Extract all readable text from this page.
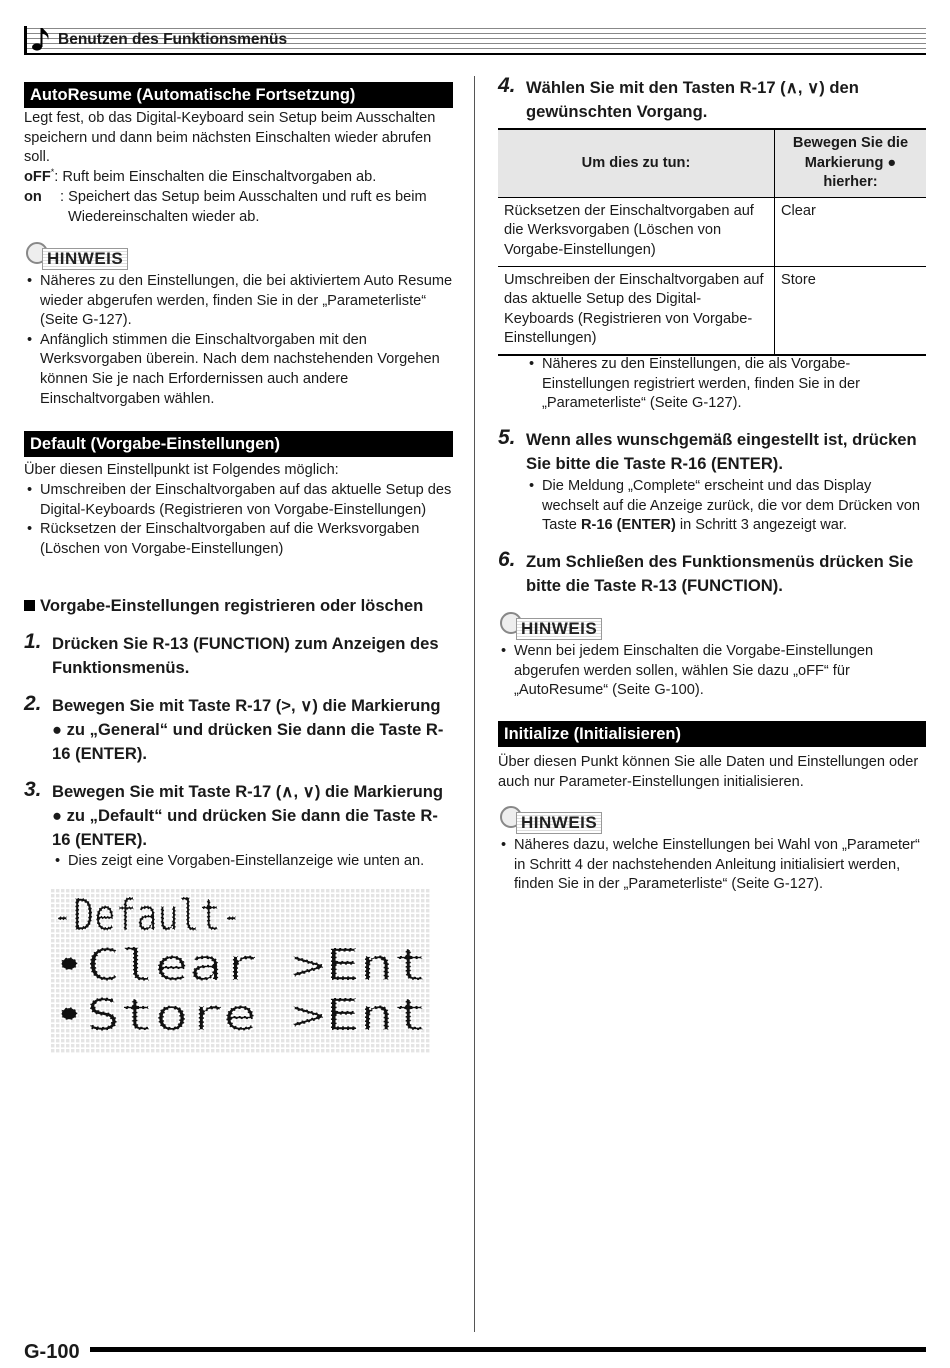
Benutzen des Funktionsmenüs
AutoResume (Automatische Fortsetzung)

Legt fest, ob das Digital-Keyboard sein Setup beim Ausschalten speichern und dann beim nächsten Einschalten wieder abrufen soll.

oFF*: Ruft beim Einschalten die Einschaltvorgaben ab.
on	: Speichert das Setup beim Ausschalten und ruft es beim Wiedereinschalten wieder ab.
HINWEIS
• Näheres zu den Einstellungen, die bei aktiviertem Auto Resume wieder abgerufen werden, finden Sie in der „Parameterliste“ (Seite G-127).
• Anfänglich stimmen die Einschaltvorgaben mit den Werksvorgaben überein. Nach dem nachstehenden Vorgehen können Sie je nach Erfordernissen auch andere Einschaltvorgaben wählen.
Default (Vorgabe-Einstellungen)

Über diesen Einstellpunkt ist Folgendes möglich:

• Umschreiben der Einschaltvorgaben auf das aktuelle Setup des Digital-Keyboards (Registrieren von Vorgabe-Einstellungen)
• Rücksetzen der Einschaltvorgaben auf die Werksvorgaben (Löschen von Vorgabe-Einstellungen)
Vorgabe-Einstellungen registrieren oder löschen
1. Drücken Sie R-13 (FUNCTION) zum Anzeigen des Funktionsmenüs.
2. Bewegen Sie mit Taste R-17 (>, ∨) die Markierung ● zu „General“ und drücken Sie dann die Taste R-16 (ENTER).
3. Bewegen Sie mit Taste R-17 (∧, ∨) die Markierung ● zu „Default“ und drücken Sie dann die Taste R-16 (ENTER).
• Dies zeigt eine Vorgaben-Einstellanzeige wie unten an.
-Default-
•Clear >Ent
•Store >Ent
4. Wählen Sie mit den Tasten R-17 (∧, ∨) den gewünschten Vorgang.
Um dies zu tun:	Bewegen Sie die Markierung ● hierher:
Rücksetzen der Einschaltvorgaben auf die Werksvorgaben (Löschen von Vorgabe-Einstellungen)	Clear
Umschreiben der Einschaltvorgaben auf das aktuelle Setup des Digital-Keyboards (Registrieren von Vorgabe-Einstellungen)	Store
• Näheres zu den Einstellungen, die als Vorgabe-Einstellungen registriert werden, finden Sie in der „Parameterliste“ (Seite G-127).
5. Wenn alles wunschgemäß eingestellt ist, drücken Sie bitte die Taste R-16 (ENTER).
• Die Meldung „Complete“ erscheint und das Display wechselt auf die Anzeige zurück, die vor dem Drücken von Taste R-16 (ENTER) in Schritt 3 angezeigt war.
6. Zum Schließen des Funktionsmenüs drücken Sie bitte die Taste R-13 (FUNCTION).
HINWEIS
• Wenn bei jedem Einschalten die Vorgabe-Einstellungen abgerufen werden sollen, wählen Sie dazu „oFF“ für „AutoResume“ (Seite G-100).
Initialize (Initialisieren)

Über diesen Punkt können Sie alle Daten und Einstellungen oder auch nur Parameter-Einstellungen initialisieren.

HINWEIS
• Näheres dazu, welche Einstellungen bei Wahl von „Parameter“ in Schritt 4 der nachstehenden Anleitung initialisiert werden, finden Sie in der „Parameterliste“ (Seite G-127).
G-100
